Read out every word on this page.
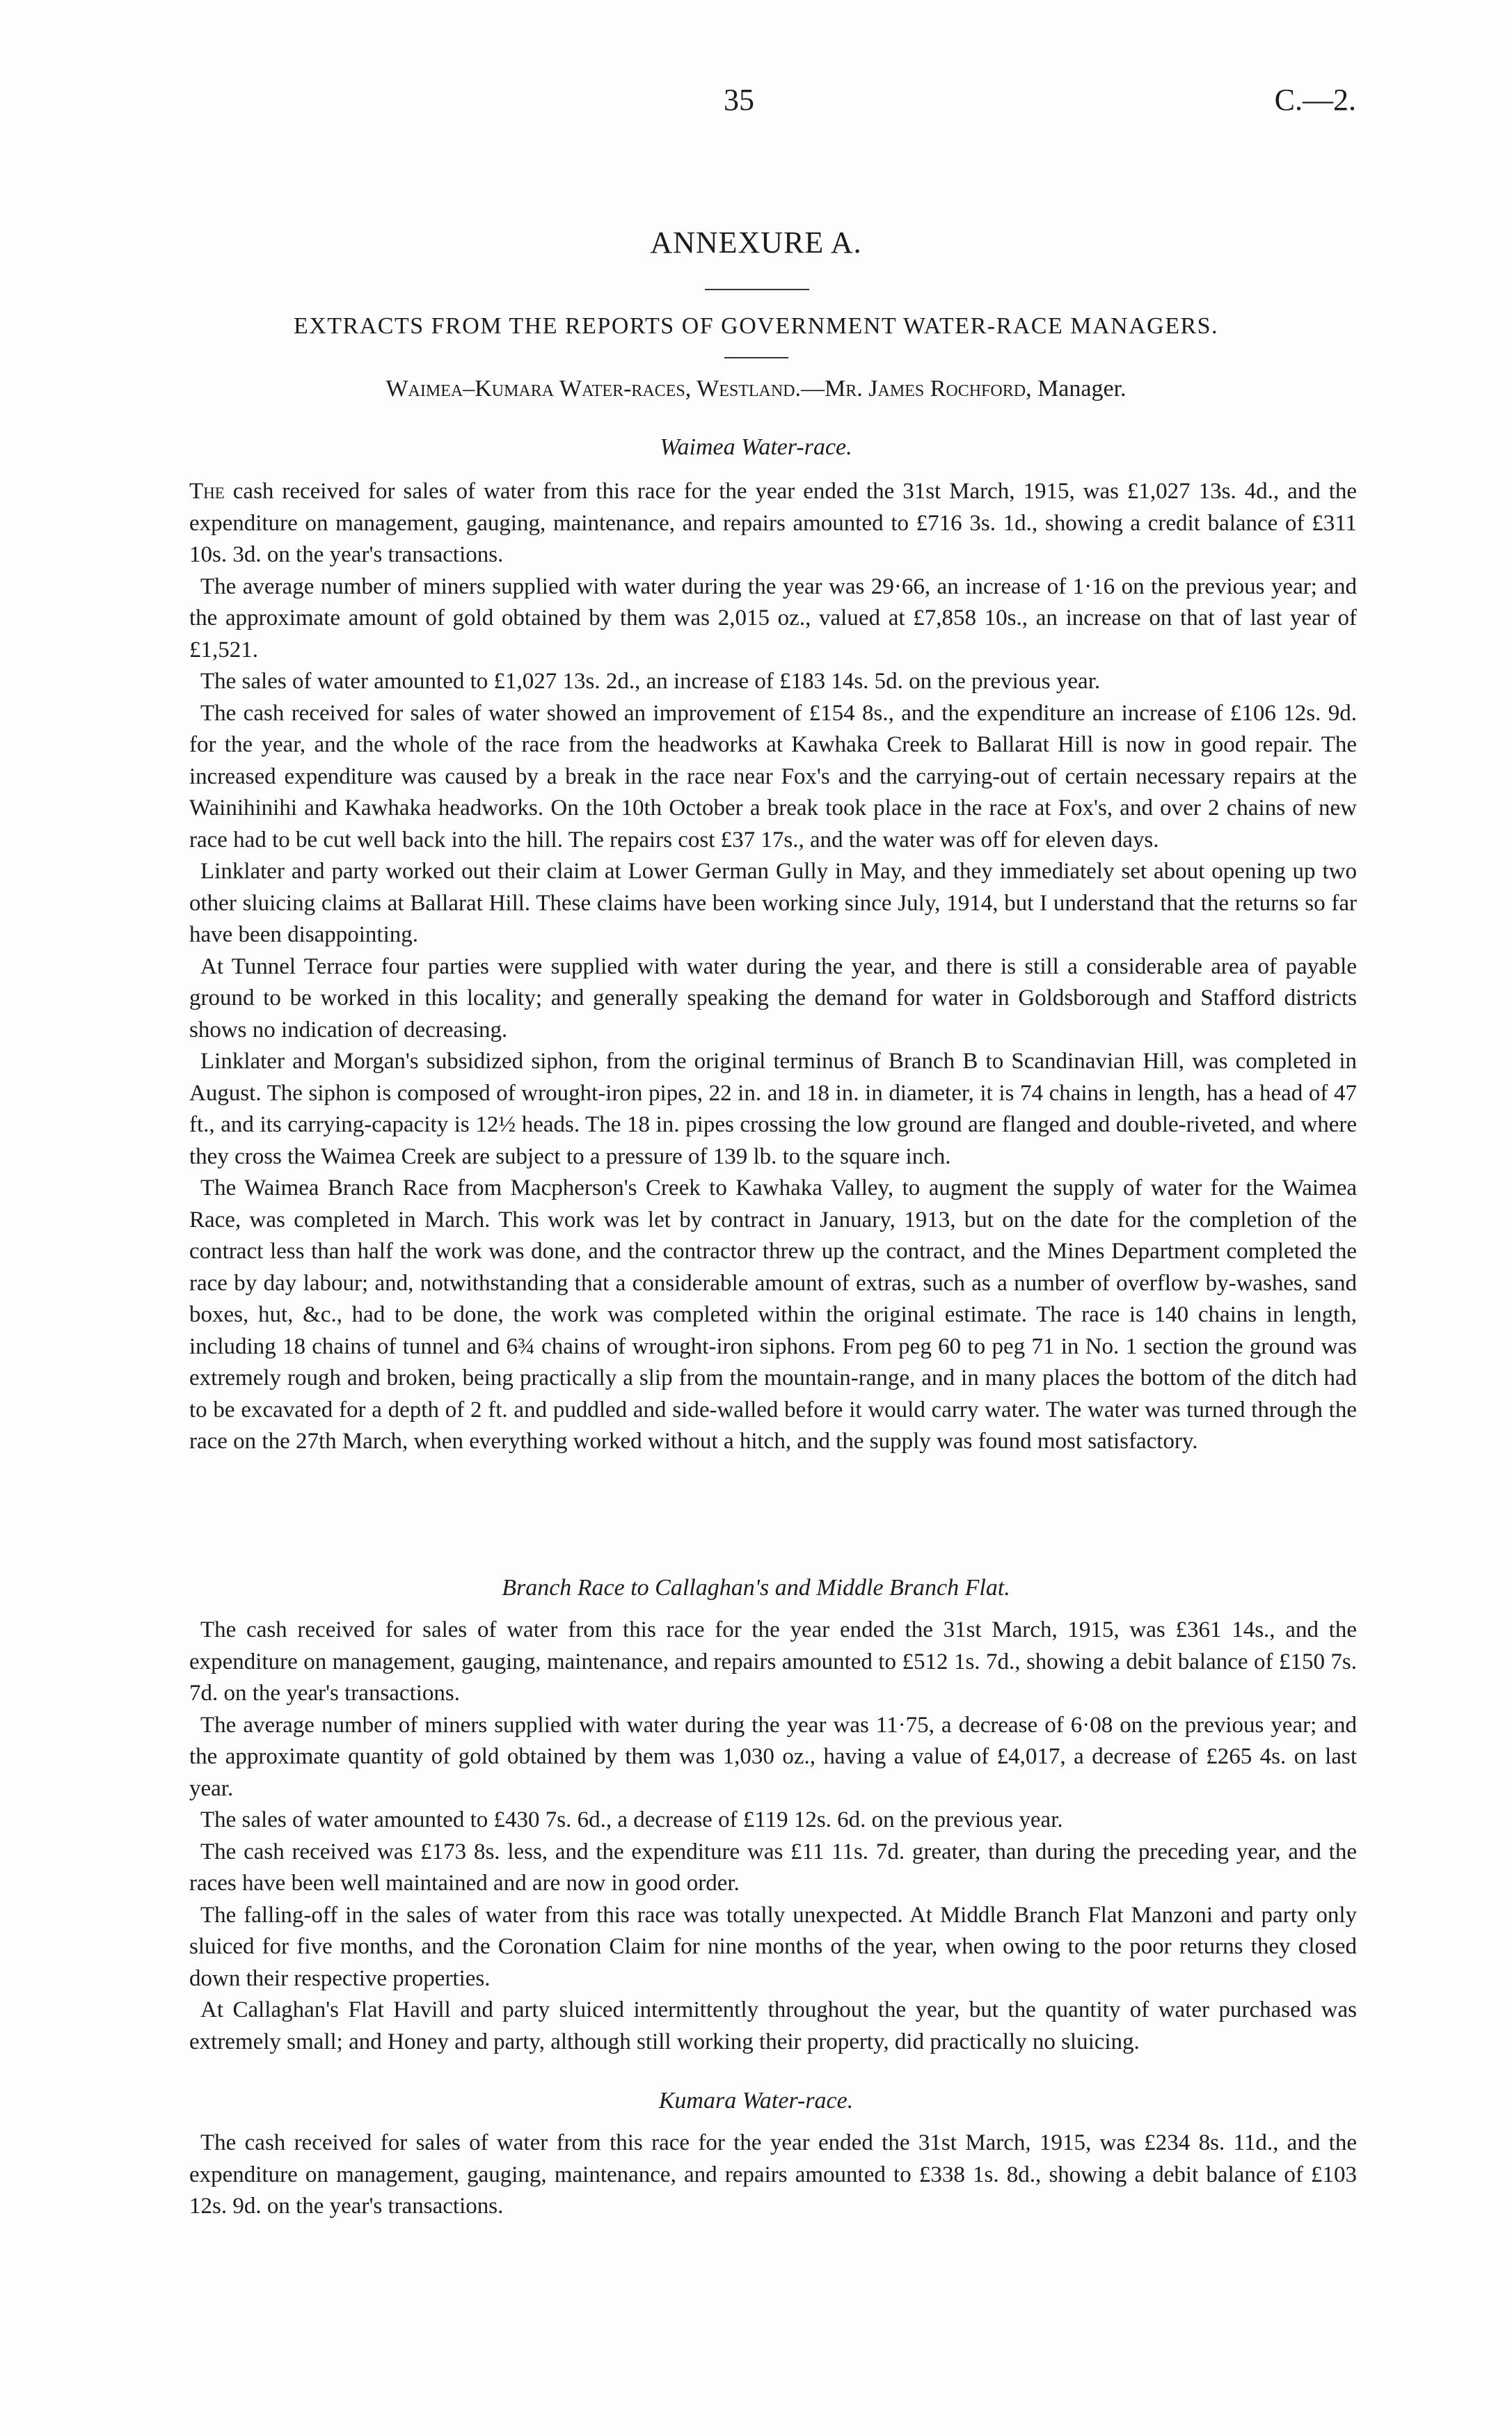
35	C.—2.
ANNEXURE A.
EXTRACTS FROM THE REPORTS OF GOVERNMENT WATER-RACE MANAGERS.
Waimea–Kumara Water-races, Westland.—Mr. James Rochford, Manager.
Waimea Water-race.

The cash received for sales of water from this race for the year ended the 31st March, 1915, was £1,027 13s. 4d., and the expenditure on management, gauging, maintenance, and repairs amounted to £716 3s. 1d., showing a credit balance of £311 10s. 3d. on the year's transactions.

The average number of miners supplied with water during the year was 29·66, an increase of 1·16 on the previous year; and the approximate amount of gold obtained by them was 2,015 oz., valued at £7,858 10s., an increase on that of last year of £1,521.

The sales of water amounted to £1,027 13s. 2d., an increase of £183 14s. 5d. on the previous year.

The cash received for sales of water showed an improvement of £154 8s., and the expenditure an increase of £106 12s. 9d. for the year, and the whole of the race from the headworks at Kawhaka Creek to Ballarat Hill is now in good repair. The increased expenditure was caused by a break in the race near Fox's and the carrying-out of certain necessary repairs at the Wainihinihi and Kawhaka headworks. On the 10th October a break took place in the race at Fox's, and over 2 chains of new race had to be cut well back into the hill. The repairs cost £37 17s., and the water was off for eleven days.

Linklater and party worked out their claim at Lower German Gully in May, and they immediately set about opening up two other sluicing claims at Ballarat Hill. These claims have been working since July, 1914, but I understand that the returns so far have been disappointing.

At Tunnel Terrace four parties were supplied with water during the year, and there is still a considerable area of payable ground to be worked in this locality; and generally speaking the demand for water in Goldsborough and Stafford districts shows no indication of decreasing.

Linklater and Morgan's subsidized siphon, from the original terminus of Branch B to Scandinavian Hill, was completed in August. The siphon is composed of wrought-iron pipes, 22 in. and 18 in. in diameter, it is 74 chains in length, has a head of 47 ft., and its carrying-capacity is 12½ heads. The 18 in. pipes crossing the low ground are flanged and double-riveted, and where they cross the Waimea Creek are subject to a pressure of 139 lb. to the square inch.

The Waimea Branch Race from Macpherson's Creek to Kawhaka Valley, to augment the supply of water for the Waimea Race, was completed in March. This work was let by contract in January, 1913, but on the date for the completion of the contract less than half the work was done, and the contractor threw up the contract, and the Mines Department completed the race by day labour; and, notwithstanding that a considerable amount of extras, such as a number of overflow by-washes, sand boxes, hut, &c., had to be done, the work was completed within the original estimate. The race is 140 chains in length, including 18 chains of tunnel and 6¾ chains of wrought-iron siphons. From peg 60 to peg 71 in No. 1 section the ground was extremely rough and broken, being practically a slip from the mountain-range, and in many places the bottom of the ditch had to be excavated for a depth of 2 ft. and puddled and side-walled before it would carry water. The water was turned through the race on the 27th March, when everything worked without a hitch, and the supply was found most satisfactory.

Branch Race to Callaghan's and Middle Branch Flat.

The cash received for sales of water from this race for the year ended the 31st March, 1915, was £361 14s., and the expenditure on management, gauging, maintenance, and repairs amounted to £512 1s. 7d., showing a debit balance of £150 7s. 7d. on the year's transactions.

The average number of miners supplied with water during the year was 11·75, a decrease of 6·08 on the previous year; and the approximate quantity of gold obtained by them was 1,030 oz., having a value of £4,017, a decrease of £265 4s. on last year.

The sales of water amounted to £430 7s. 6d., a decrease of £119 12s. 6d. on the previous year.

The cash received was £173 8s. less, and the expenditure was £11 11s. 7d. greater, than during the preceding year, and the races have been well maintained and are now in good order.

The falling-off in the sales of water from this race was totally unexpected. At Middle Branch Flat Manzoni and party only sluiced for five months, and the Coronation Claim for nine months of the year, when owing to the poor returns they closed down their respective properties.

At Callaghan's Flat Havill and party sluiced intermittently throughout the year, but the quantity of water purchased was extremely small; and Honey and party, although still working their property, did practically no sluicing.

Kumara Water-race.

The cash received for sales of water from this race for the year ended the 31st March, 1915, was £234 8s. 11d., and the expenditure on management, gauging, maintenance, and repairs amounted to £338 1s. 8d., showing a debit balance of £103 12s. 9d. on the year's transactions.
